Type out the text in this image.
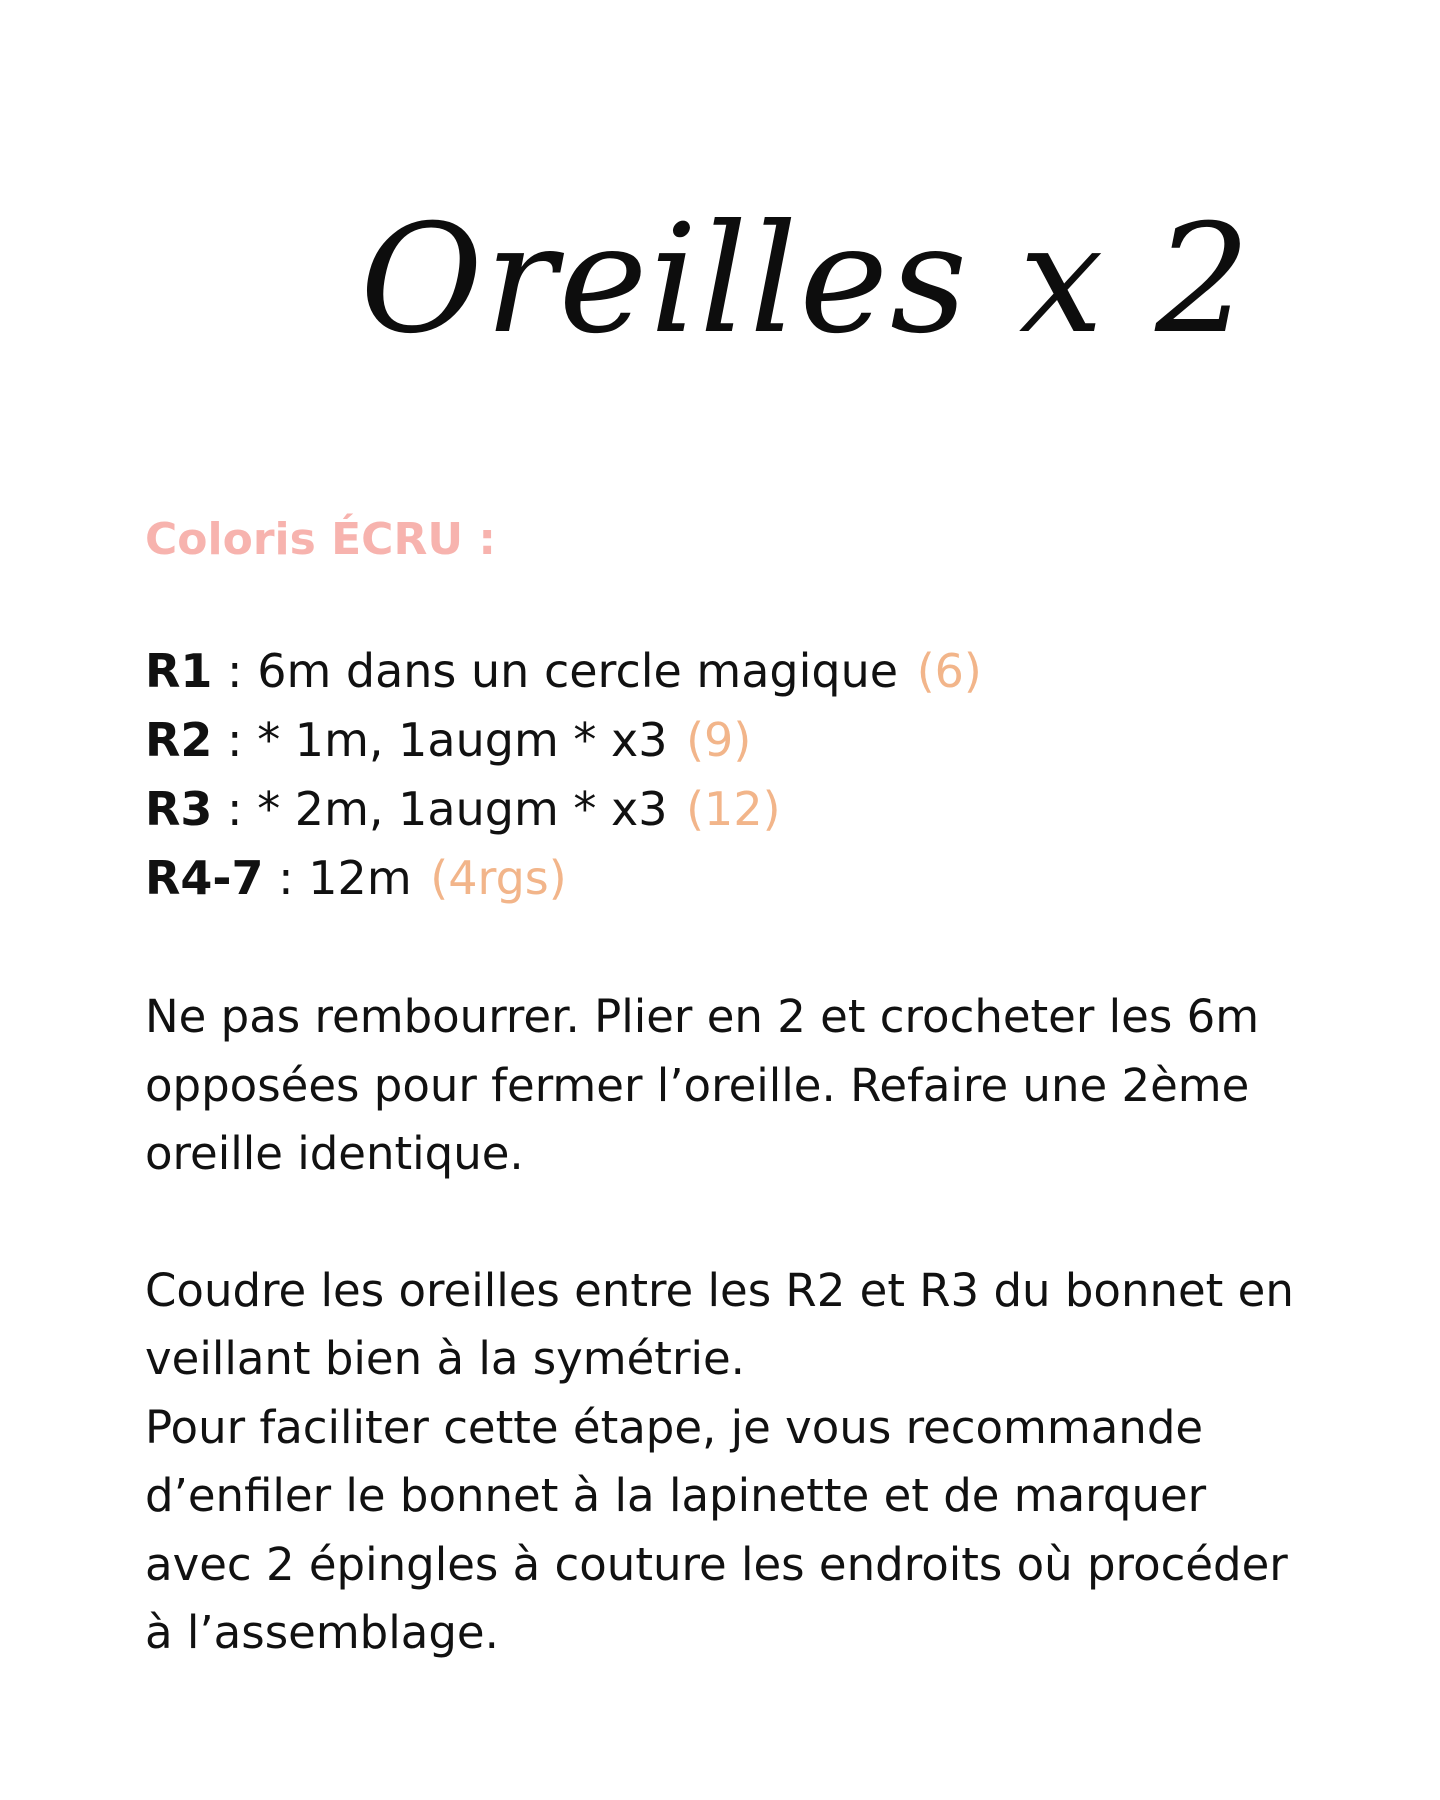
Oreilles x 2
Coloris ÉCRU :
R1 : 6m dans un cercle magique (6)
R2 : * 1m, 1augm * x3 (9)
R3 : * 2m, 1augm * x3 (12)
R4-7 : 12m (4rgs)

Ne pas rembourrer. Plier en 2 et crocheter les 6m opposées pour fermer l’oreille. Refaire une 2ème oreille identique.

Coudre les oreilles entre les R2 et R3 du bonnet en veillant bien à la symétrie.

Pour faciliter cette étape, je vous recommande d’enfiler le bonnet à la lapinette et de marquer avec 2 épingles à couture les endroits où procéder à l’assemblage.
